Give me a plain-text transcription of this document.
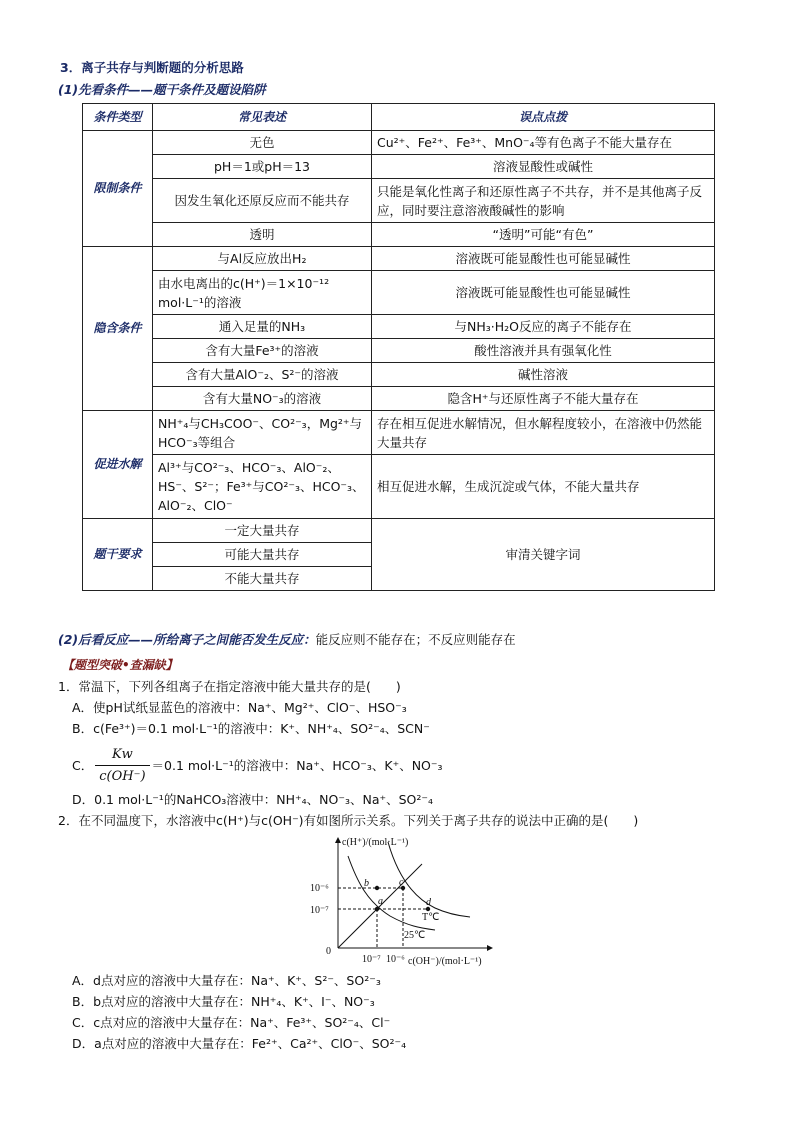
3．离子共存与判断题的分析思路
(1)先看条件——题干条件及题设陷阱
条件类型	常见表述	误点点拨
限制条件	无色	Cu²⁺、Fe²⁺、Fe³⁺、MnO⁻₄等有色离子不能大量存在
	pH＝1或pH＝13	溶液显酸性或碱性
	因发生氧化还原反应而不能共存	只能是氧化性离子和还原性离子不共存，并不是其他离子反应，同时要注意溶液酸碱性的影响
	透明	“透明”可能“有色”
隐含条件	与Al反应放出H₂	溶液既可能显酸性也可能显碱性
	由水电离出的c(H⁺)＝1×10⁻¹² mol·L⁻¹的溶液	溶液既可能显酸性也可能显碱性
	通入足量的NH₃	与NH₃·H₂O反应的离子不能存在
	含有大量Fe³⁺的溶液	酸性溶液并具有强氧化性
	含有大量AlO⁻₂、S²⁻的溶液	碱性溶液
	含有大量NO⁻₃的溶液	隐含H⁺与还原性离子不能大量存在
促进水解	NH⁺₄与CH₃COO⁻、CO²⁻₃，Mg²⁺与HCO⁻₃等组合	存在相互促进水解情况，但水解程度较小，在溶液中仍然能大量共存
	Al³⁺与CO²⁻₃、HCO⁻₃、AlO⁻₂、HS⁻、S²⁻；Fe³⁺与CO²⁻₃、HCO⁻₃、AlO⁻₂、ClO⁻	相互促进水解，生成沉淀或气体，不能大量共存
题干要求	一定大量共存	审清关键字词
	可能大量共存	
	不能大量共存	
(2)后看反应——所给离子之间能否发生反应：能反应则不能存在；不反应则能存在
【题型突破•查漏缺】
1．常温下，下列各组离子在指定溶液中能大量共存的是(　　)
A．使pH试纸显蓝色的溶液中：Na⁺、Mg²⁺、ClO⁻、HSO⁻₃
B．c(Fe³⁺)＝0.1 mol·L⁻¹的溶液中：K⁺、NH⁺₄、SO²⁻₄、SCN⁻
C． $\frac{Kw}{c(OH^-)} =0.1$ mol·L⁻¹的溶液中：Na⁺、HCO⁻₃、K⁺、NO⁻₃
D．0.1 mol·L⁻¹的NaHCO₃溶液中：NH⁺₄、NO⁻₃、Na⁺、SO²⁻₄
2．在不同温度下，水溶液中c(H⁺)与c(OH⁻)有如图所示关系。下列关于离子共存的说法中正确的是(　　)
c(H⁺)/(mol·L⁻¹)
c(OH⁻)/(mol·L⁻¹)
0
10⁻⁶
10⁻⁷
10⁻⁷ 10⁻⁶
a
b	c
d
T℃
25℃
A．d点对应的溶液中大量存在：Na⁺、K⁺、S²⁻、SO²⁻₃
B．b点对应的溶液中大量存在：NH⁺₄、K⁺、I⁻、NO⁻₃
C．c点对应的溶液中大量存在：Na⁺、Fe³⁺、SO²⁻₄、Cl⁻
D．a点对应的溶液中大量存在：Fe²⁺、Ca²⁺、ClO⁻、SO²⁻₄
